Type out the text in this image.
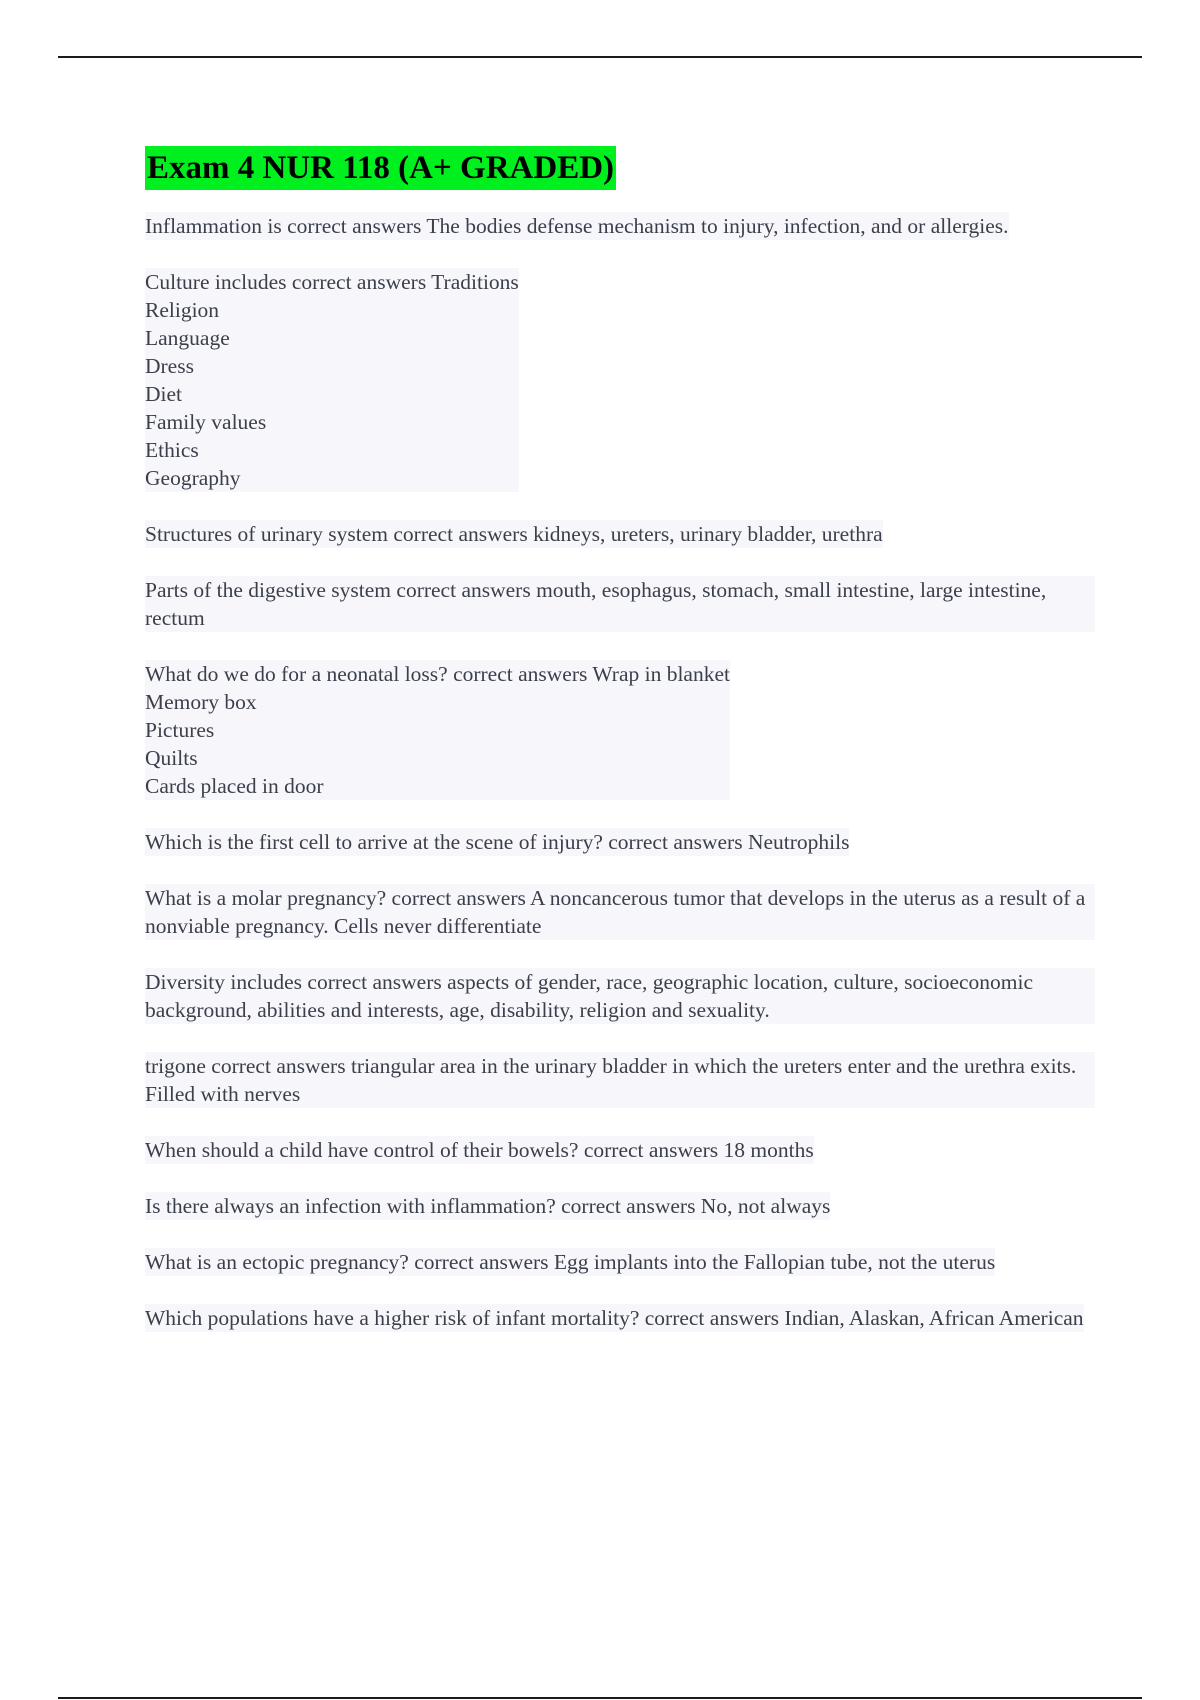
Exam 4 NUR 118 (A+ GRADED)
Inflammation is correct answers The bodies defense mechanism to injury, infection, and or allergies.
Culture includes correct answers Traditions
Religion
Language
Dress
Diet
Family values
Ethics
Geography
Structures of urinary system correct answers kidneys, ureters, urinary bladder, urethra
Parts of the digestive system correct answers mouth, esophagus, stomach, small intestine, large intestine, rectum
What do we do for a neonatal loss? correct answers Wrap in blanket
Memory box
Pictures
Quilts
Cards placed in door
Which is the first cell to arrive at the scene of injury? correct answers Neutrophils
What is a molar pregnancy? correct answers A noncancerous tumor that develops in the uterus as a result of a nonviable pregnancy. Cells never differentiate
Diversity includes correct answers aspects of gender, race, geographic location, culture, socioeconomic background, abilities and interests, age, disability, religion and sexuality.
trigone correct answers triangular area in the urinary bladder in which the ureters enter and the urethra exits. Filled with nerves
When should a child have control of their bowels? correct answers 18 months
Is there always an infection with inflammation? correct answers No, not always
What is an ectopic pregnancy? correct answers Egg implants into the Fallopian tube, not the uterus
Which populations have a higher risk of infant mortality? correct answers Indian, Alaskan, African American
